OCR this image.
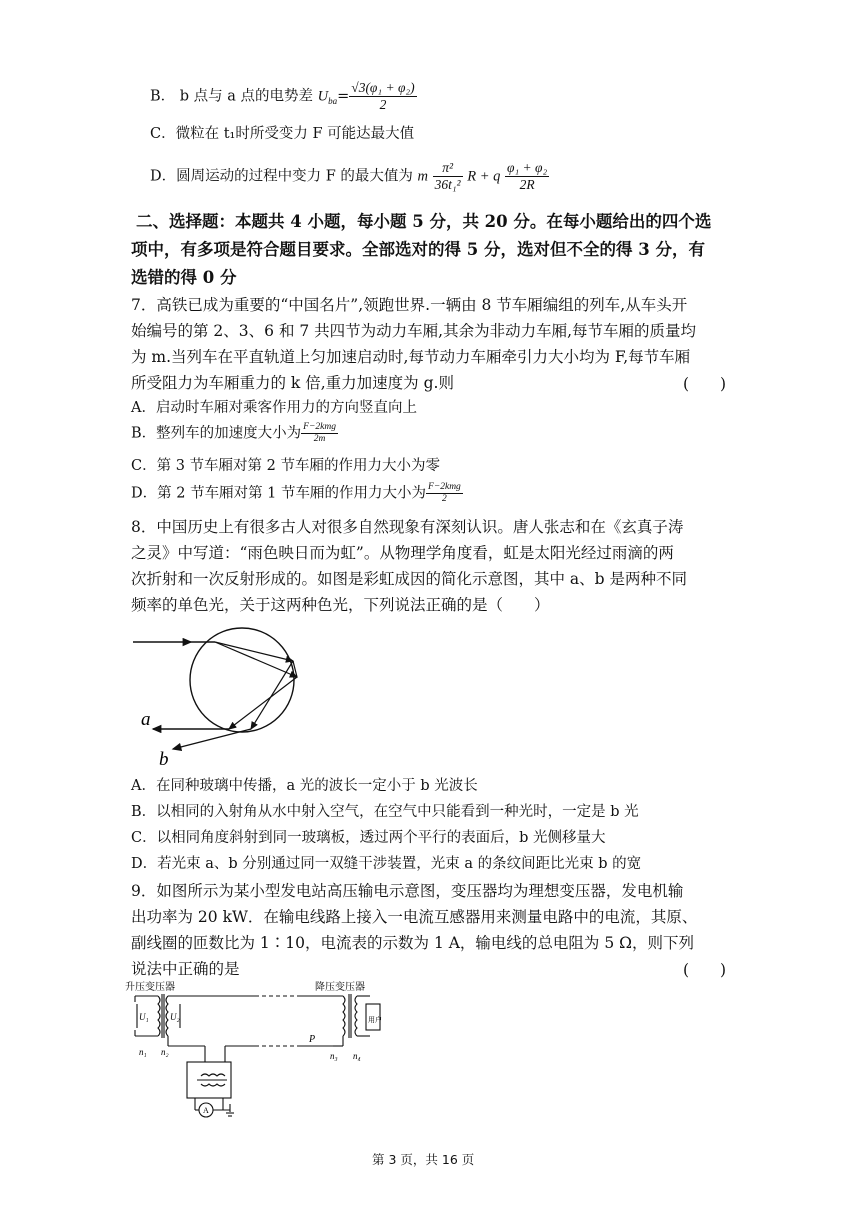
B． b 点与 a 点的电势差 $U_{ba}= \frac{\text{√3(φ₁ + φ₂)}}{2}$
C．微粒在 t₁时所受变力 F 可能达最大值
D．圆周运动的过程中变力 F 的最大值为 m $\frac{\text{π²}}{\text{36t₁²}}$ R + q $\frac{\text{φ₁ + φ₂}}{2R}$
二、选择题：本题共 4 小题，每小题 5 分，共 20 分。在每小题给出的四个选
项中，有多项是符合题目要求。全部选对的得 5 分，选对但不全的得 3 分，有
选错的得 0 分
7．高铁已成为重要的“中国名片”,领跑世界.一辆由 8 节车厢编组的列车,从车头开
始编号的第 2、3、6 和 7 共四节为动力车厢,其余为非动力车厢,每节车厢的质量均
为 m.当列车在平直轨道上匀加速启动时,每节动力车厢牵引力大小均为 F,每节车厢
所受阻力为车厢重力的 k 倍,重力加速度为 g.则	(　　)
A．启动时车厢对乘客作用力的方向竖直向上
B．整列车的加速度大小为 $\frac{\text{F−2kmg}}{2m}$
C．第 3 节车厢对第 2 节车厢的作用力大小为零
D．第 2 节车厢对第 1 节车厢的作用力大小为 $\frac{\text{F−2kmg}}{2}$
8．中国历史上有很多古人对很多自然现象有深刻认识。唐人张志和在《玄真子涛
之灵》中写道：“雨色映日而为虹”。从物理学角度看，虹是太阳光经过雨滴的两
次折射和一次反射形成的。如图是彩虹成因的简化示意图，其中 a、b 是两种不同
频率的单色光，关于这两种色光，下列说法正确的是（　　）
a
b
A．在同种玻璃中传播，a 光的波长一定小于 b 光波长
B．以相同的入射角从水中射入空气，在空气中只能看到一种光时，一定是 b 光
C．以相同角度斜射到同一玻璃板，透过两个平行的表面后，b 光侧移量大
D．若光束 a、b 分别通过同一双缝干涉装置，光束 a 的条纹间距比光束 b 的宽
9．如图所示为某小型发电站高压输电示意图，变压器均为理想变压器，发电机输
出功率为 20 kW．在输电线路上接入一电流互感器用来测量电路中的电流，其原、
副线圈的匝数比为 1∶10，电流表的示数为 1 A，输电线的总电阻为 5 Ω，则下列
说法中正确的是	(　　)
升压变压器	降压变压器
U₁ U₂
n₁ n₂	n₃ n₄
P
用户
A
第 3 页，共 16 页
